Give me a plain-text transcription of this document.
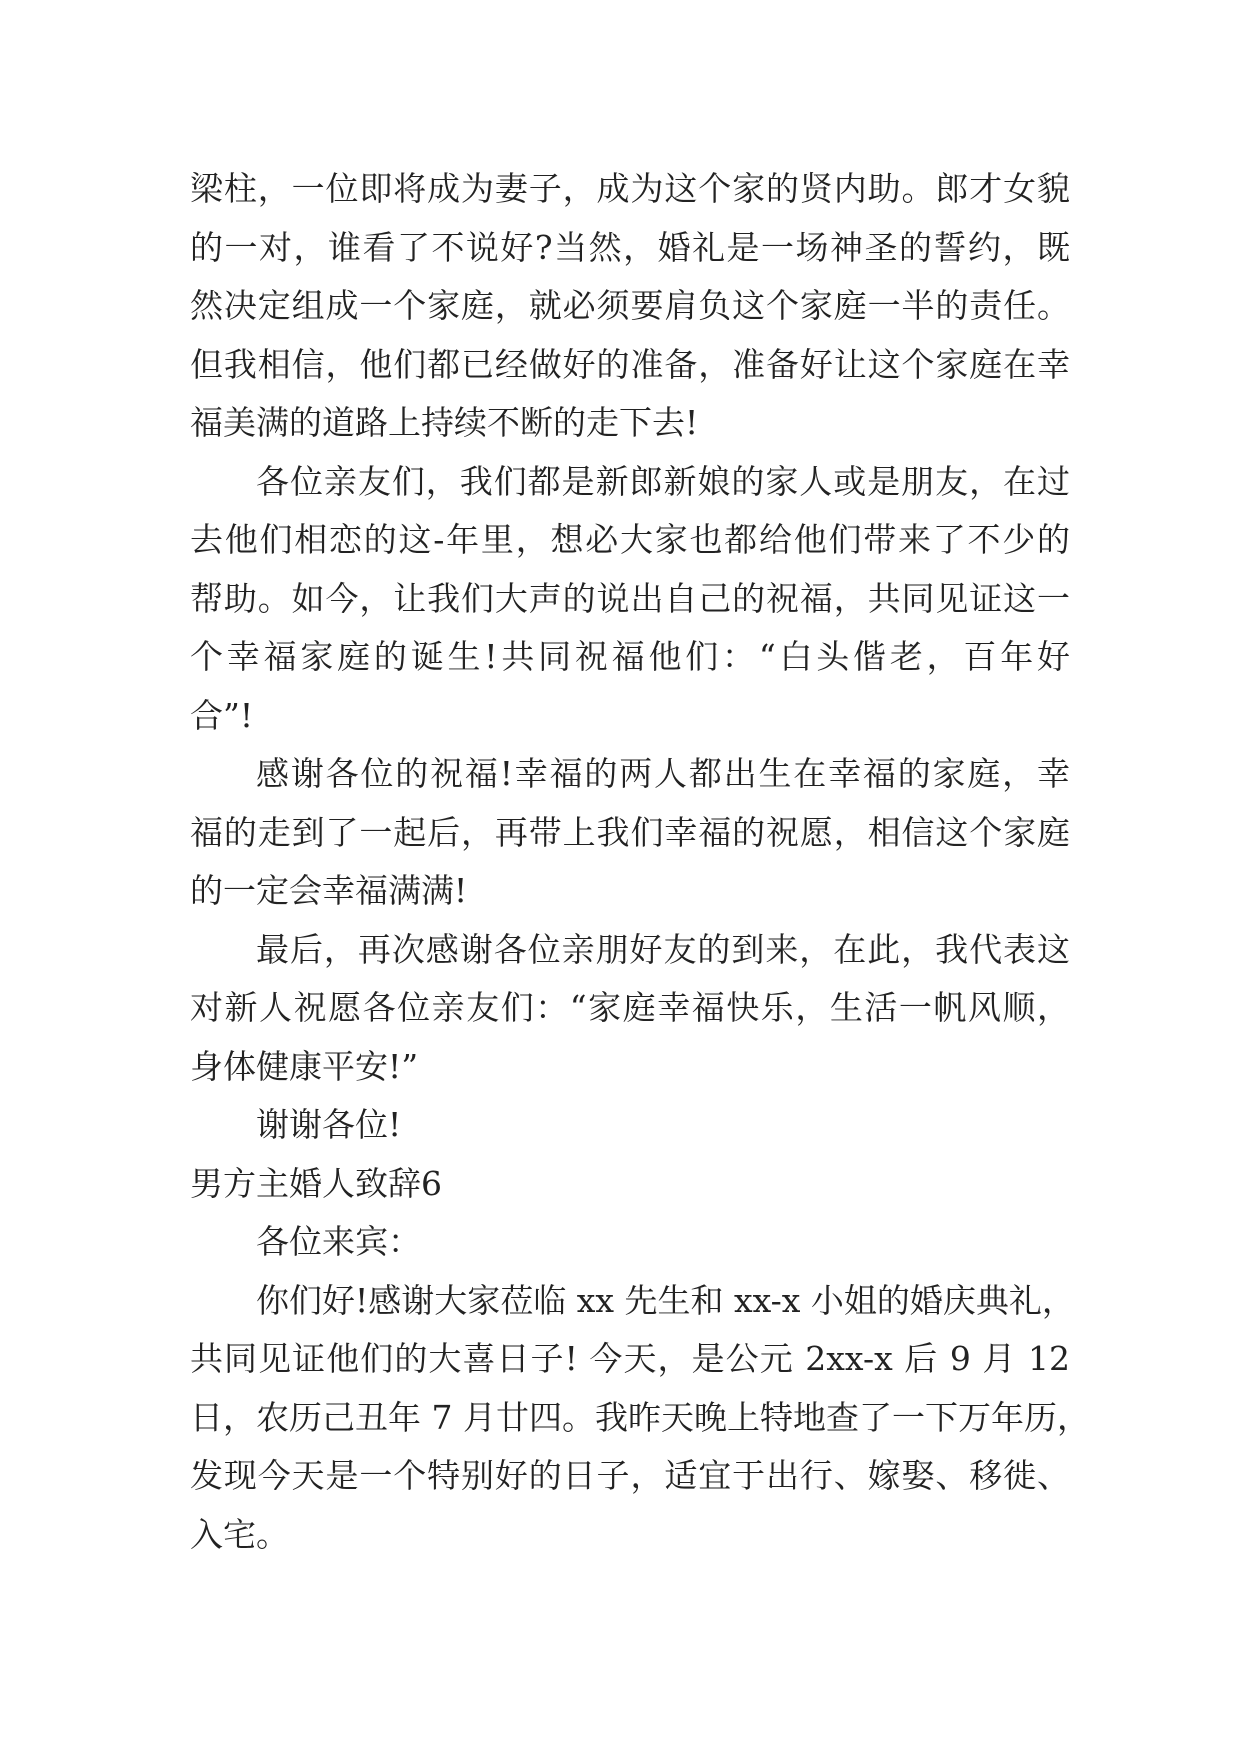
梁柱，一位即将成为妻子，成为这个家的贤内助。郎才女貌
的一对，谁看了不说好?当然，婚礼是一场神圣的誓约，既
然决定组成一个家庭，就必须要肩负这个家庭一半的责任。
但我相信，他们都已经做好的准备，准备好让这个家庭在幸
福美满的道路上持续不断的走下去!
各位亲友们，我们都是新郎新娘的家人或是朋友，在过
去他们相恋的这-年里，想必大家也都给他们带来了不少的
帮助。如今，让我们大声的说出自己的祝福，共同见证这一
个幸福家庭的诞生!共同祝福他们：“白头偕老，百年好
合”!
感谢各位的祝福!幸福的两人都出生在幸福的家庭，幸
福的走到了一起后，再带上我们幸福的祝愿，相信这个家庭
的一定会幸福满满!
最后，再次感谢各位亲朋好友的到来，在此，我代表这
对新人祝愿各位亲友们：“家庭幸福快乐，生活一帆风顺，
身体健康平安!”
谢谢各位!
男方主婚人致辞6
各位来宾：
你们好!感谢大家莅临 xx 先生和 xx-x 小姐的婚庆典礼，
共同见证他们的大喜日子! 今天，是公元 2xx-x 后 9 月 12
日，农历己丑年 7 月廿四。我昨天晚上特地查了一下万年历，
发现今天是一个特别好的日子，适宜于出行、嫁娶、移徙、
入宅。
